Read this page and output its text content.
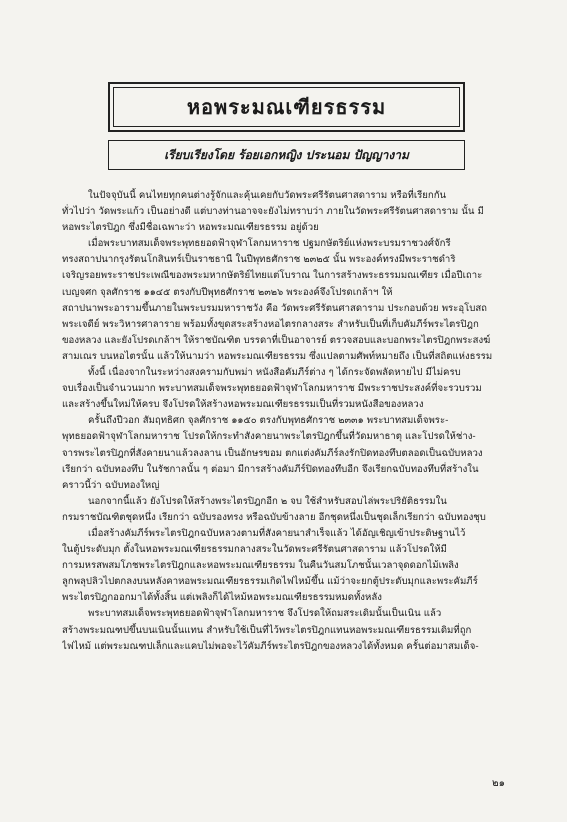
หอพระมณเฑียรธรรม
เรียบเรียงโดย ร้อยเอกหญิง ประนอม ปัญญางาม
ในปัจจุบันนี้ คนไทยทุกคนต่างรู้จักและคุ้นเคยกับวัดพระศรีรัตนศาสดาราม หรือที่เรียกกัน
ทั่วไปว่า วัดพระแก้ว เป็นอย่างดี แต่บางท่านอาจจะยังไม่ทราบว่า ภายในวัดพระศรีรัตนศาสดาราม นั้น มี
หอพระไตรปิฎก ซึ่งมีชื่อเฉพาะว่า หอพระมณเฑียรธรรม อยู่ด้วย
เมื่อพระบาทสมเด็จพระพุทธยอดฟ้าจุฬาโลกมหาราช ปฐมกษัตริย์แห่งพระบรมราชวงศ์จักรี
ทรงสถาปนากรุงรัตนโกสินทร์เป็นราชธานี ในปีพุทธศักราช ๒๓๒๕ นั้น พระองค์ทรงมีพระราชดำริ
เจริญรอยพระราชประเพณีของพระมหากษัตริย์ไทยแต่โบราณ ในการสร้างพระธรรมมณเฑียร เมื่อปีเถาะ
เบญจศก จุลศักราช ๑๑๔๕ ตรงกับปีพุทธศักราช ๒๓๒๖ พระองค์จึงโปรดเกล้าฯ ให้
สถาปนาพระอารามขึ้นภายในพระบรมมหาราชวัง คือ วัดพระศรีรัตนศาสดาราม ประกอบด้วย พระอุโบสถ
พระเจดีย์ พระวิหารศาลาราย พร้อมทั้งขุดสระสร้างหอไตรกลางสระ สำหรับเป็นที่เก็บคัมภีร์พระไตรปิฎก
ของหลวง และยังโปรดเกล้าฯ ให้ราชบัณฑิต บรรดาที่เป็นอาจารย์ ตรวจสอบและบอกพระไตรปิฎกพระสงฆ์
สามเณร บนหอไตรนั้น แล้วให้นามว่า หอพระมณเฑียรธรรม ซึ่งแปลตามศัพท์หมายถึง เป็นที่สถิตแห่งธรรม
ทั้งนี้ เนื่องจากในระหว่างสงครามกับพม่า หนังสือคัมภีร์ต่าง ๆ ได้กระจัดพลัดหายไป มีไม่ครบ
จบเรื่องเป็นจำนวนมาก พระบาทสมเด็จพระพุทธยอดฟ้าจุฬาโลกมหาราช มีพระราชประสงค์ที่จะรวบรวม
และสร้างขึ้นใหม่ให้ครบ จึงโปรดให้สร้างหอพระมณเฑียรธรรมเป็นที่รวมหนังสือของหลวง
ครั้นถึงปีวอก สัมฤทธิศก จุลศักราช ๑๑๕๐ ตรงกับพุทธศักราช ๒๓๓๑ พระบาทสมเด็จพระ-
พุทธยอดฟ้าจุฬาโลกมหาราช โปรดให้กระทำสังคายนาพระไตรปิฎกขึ้นที่วัดมหาธาตุ และโปรดให้ช่าง-
จารพระไตรปิฎกที่สังคายนาแล้วลงลาน เป็นอักษรขอม ตกแต่งคัมภีร์ลงรักปิดทองทึบตลอดเป็นฉบับหลวง
เรียกว่า ฉบับทองทึบ ในรัชกาลนั้น ๆ ต่อมา มีการสร้างคัมภีร์ปิดทองทึบอีก จึงเรียกฉบับทองทึบที่สร้างใน
คราวนี้ว่า ฉบับทองใหญ่
นอกจากนี้แล้ว ยังโปรดให้สร้างพระไตรปิฎกอีก ๒ จบ ใช้สำหรับสอบไล่พระปริยัติธรรมใน
กรมราชบัณฑิตชุดหนึ่ง เรียกว่า ฉบับรองทรง หรือฉบับข้างลาย อีกชุดหนึ่งเป็นชุดเล็กเรียกว่า ฉบับทองชุบ
เมื่อสร้างคัมภีร์พระไตรปิฎกฉบับหลวงตามที่สังคายนาสำเร็จแล้ว ได้อัญเชิญเข้าประดิษฐานไว้
ในตู้ประดับมุก ตั้งในหอพระมณเฑียรธรรมกลางสระในวัดพระศรีรัตนศาสดาราม แล้วโปรดให้มี
การมหรสพสมโภชพระไตรปิฎกและหอพระมณเฑียรธรรม ในคืนวันสมโภชนั้นเวลาจุดดอกไม้เพลิง
ลูกพลุปลิวไปตกลงบนหลังคาหอพระมณเฑียรธรรมเกิดไฟไหม้ขึ้น แม้ว่าจะยกตู้ประดับมุกและพระคัมภีร์
พระไตรปิฎกออกมาได้ทั้งสิ้น แต่เพลิงก็ได้ไหม้หอพระมณเฑียรธรรมหมดทั้งหลัง
พระบาทสมเด็จพระพุทธยอดฟ้าจุฬาโลกมหาราช จึงโปรดให้ถมสระเดิมนั้นเป็นเนิน แล้ว
สร้างพระมณฑปขึ้นบนเนินนั้นแทน สำหรับใช้เป็นที่ไว้พระไตรปิฎกแทนหอพระมณเฑียรธรรมเดิมที่ถูก
ไฟไหม้ แต่พระมณฑปเล็กและแคบไม่พอจะไว้คัมภีร์พระไตรปิฎกของหลวงได้ทั้งหมด ครั้นต่อมาสมเด็จ-
๒๑
